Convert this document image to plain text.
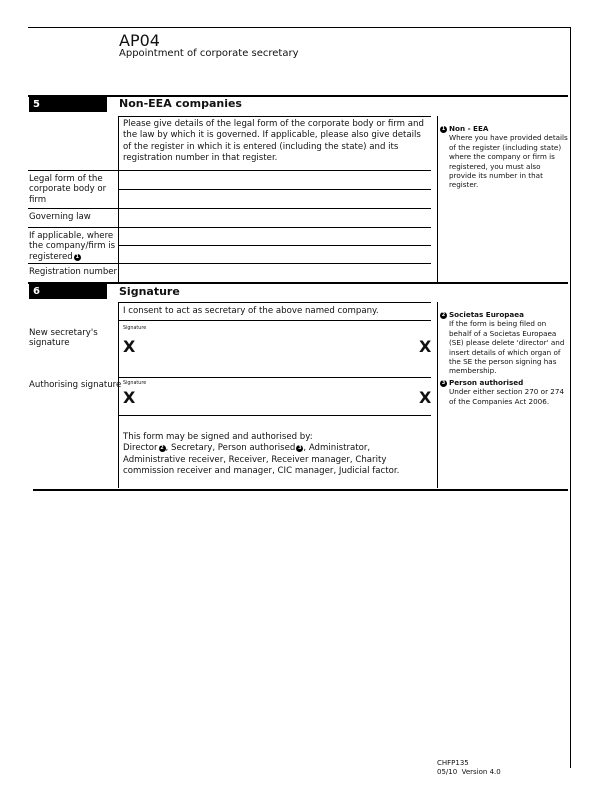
AP04
Appointment of corporate secretary
5	Non-EEA companies
Please give details of the legal form of the corporate body or firm and the law by which it is governed. If applicable, please also give details of the register in which it is entered (including the state) and its registration number in that register.
Legal form of the corporate body or firm
Governing law
If applicable, where the company/firm is registered 1
Registration number
1 Non - EEA
Where you have provided details of the register (including state) where the company or firm is registered, you must also provide its number in that register.
6	Signature
I consent to act as secretary of the above named company.
New secretary's signature
Signature
X	X
Authorising signature Signature
X	X
This form may be signed and authorised by:
Director 2 , Secretary, Person authorised 3 , Administrator, Administrative receiver, Receiver, Receiver manager, Charity commission receiver and manager, CIC manager, Judicial factor.
2 Societas Europaea
If the form is being filed on behalf of a Societas Europaea (SE) please delete 'director' and insert details of which organ of the SE the person signing has membership.
3 Person authorised
Under either section 270 or 274 of the Companies Act 2006.
CHFP135
05/10  Version 4.0
